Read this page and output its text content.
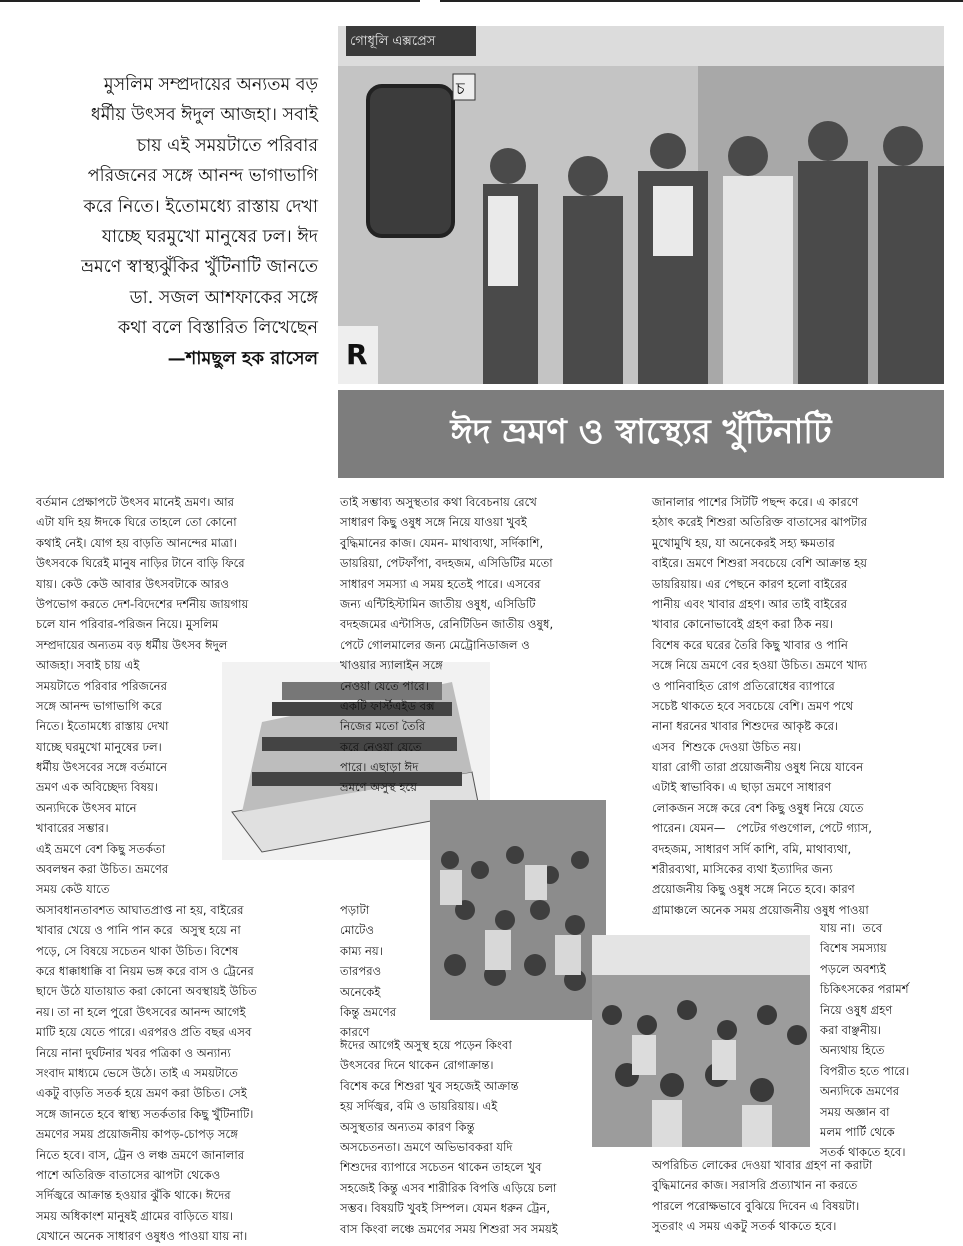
মুসলিম সম্প্রদায়ের অন্যতম বড়
ধর্মীয় উৎসব ঈদুল আজহা। সবাই
চায় এই সময়টাতে পরিবার
পরিজনের সঙ্গে আনন্দ ভাগাভাগি
করে নিতে। ইতোমধ্যে রাস্তায় দেখা
যাচ্ছে ঘরমুখো মানুষের ঢল। ঈদ
ভ্রমণে স্বাস্থ্যঝুঁকির খুঁটিনাটি জানতে
ডা. সজল আশফাকের সঙ্গে
কথা বলে বিস্তারিত লিখেছেন
—শামছুল হক রাসেল
গোধূলি এক্সপ্রেস
চ
R
ঈদ ভ্রমণ ও স্বাস্থ্যের খুঁটিনাটি
বর্তমান প্রেক্ষাপটে উৎসব মানেই ভ্রমণ। আর
এটা যদি হয় ঈদকে ঘিরে তাহলে তো কোনো
কথাই নেই। যোগ হয় বাড়তি আনন্দের মাত্রা।
উৎসবকে ঘিরেই মানুষ নাড়ির টানে বাড়ি ফিরে
যায়। কেউ কেউ আবার উৎসবটাকে আরও
উপভোগ করতে দেশ-বিদেশের দর্শনীয় জায়গায়
চলে যান পরিবার-পরিজন নিয়ে। মুসলিম
সম্প্রদায়ের অন্যতম বড় ধর্মীয় উৎসব ঈদুল
আজহা। সবাই চায় এই
সময়টাতে পরিবার পরিজনের
সঙ্গে আনন্দ ভাগাভাগি করে
নিতে। ইতোমধ্যে রাস্তায় দেখা
যাচ্ছে ঘরমুখো মানুষের ঢল।
ধর্মীয় উৎসবের সঙ্গে বর্তমানে
ভ্রমণ এক অবিচ্ছেদ্য বিষয়।
অন্যদিকে উৎসব মানে
খাবারের সম্ভার।
এই ভ্রমণে বেশ কিছু সতর্কতা
অবলম্বন করা উচিত। ভ্রমণের
সময় কেউ যাতে
অসাবধানতাবশত আঘাতপ্রাপ্ত না হয়, বাইরের
খাবার খেয়ে ও পানি পান করে  অসুস্থ হয়ে না
পড়ে, সে বিষয়ে সচেতন থাকা উচিত। বিশেষ
করে ধাক্কাধাক্কি বা নিয়ম ভঙ্গ করে বাস ও ট্রেনের
ছাদে উঠে যাতায়াত করা কোনো অবস্থায়ই উচিত
নয়। তা না হলে পুরো উৎসবের আনন্দ আগেই
মাটি হয়ে যেতে পারে। এরপরও প্রতি বছর এসব
নিয়ে নানা দুর্ঘটনার খবর পত্রিকা ও অন্যান্য
সংবাদ মাধ্যমে ভেসে উঠে। তাই এ সময়টাতে
একটু বাড়তি সতর্ক হয়ে ভ্রমণ করা উচিত। সেই
সঙ্গে জানতে হবে স্বাস্থ্য সতর্কতার কিছু খুঁটিনাটি।
ভ্রমণের সময় প্রয়োজনীয় কাপড়-চোপড় সঙ্গে
নিতে হবে। বাস, ট্রেন ও লঞ্চ ভ্রমণে জানালার
পাশে অতিরিক্ত বাতাসের ঝাপটা থেকেও
সর্দিজ্বরে আক্রান্ত হওয়ার ঝুঁকি থাকে। ঈদের
সময় অধিকাংশ মানুষই গ্রামের বাড়িতে যায়।
যেখানে অনেক সাধারণ ওষুধও পাওয়া যায় না।
তাই সম্ভাব্য অসুস্থতার কথা বিবেচনায় রেখে
সাধারণ কিছু ওষুধ সঙ্গে নিয়ে যাওয়া খুবই
বুদ্ধিমানের কাজ। যেমন- মাথাব্যথা, সর্দিকাশি,
ডায়রিয়া, পেটফাঁপা, বদহজম, এসিডিটির মতো
সাধারণ সমস্যা এ সময় হতেই পারে। এসবের
জন্য এন্টিহিস্টামিন জাতীয় ওষুধ, এসিডিটি
বদহজমের এন্টাসিড, রেনিটিডিন জাতীয় ওষুধ,
পেটে গোলমালের জন্য মেট্রোনিডাজল ও
খাওয়ার স্যালাইন সঙ্গে
নেওয়া যেতে পারে।
একটি ফার্স্টএইড বক্স
নিজের মতো তৈরি
করে নেওয়া যেতে
পারে। এছাড়া ঈদ
ভ্রমণে অসুস্থ হয়ে
পড়াটা
মোটেও
কাম্য নয়।
তারপরও
অনেকেই
কিন্তু ভ্রমণের
কারণে
ঈদের আগেই অসুস্থ হয়ে পড়েন কিংবা
উৎসবের দিনে থাকেন রোগাক্রান্ত।
বিশেষ করে শিশুরা খুব সহজেই আক্রান্ত
হয় সর্দিজ্বর, বমি ও ডায়রিয়ায়। এই
অসুস্থতার অন্যতম কারণ কিন্তু
অসচেতনতা। ভ্রমণে অভিভাবকরা যদি
শিশুদের ব্যাপারে সচেতন থাকেন তাহলে খুব
সহজেই কিন্তু এসব শারীরিক বিপত্তি এড়িয়ে চলা
সম্ভব। বিষয়টি খুবই সিম্পল। যেমন ধরুন ট্রেন,
বাস কিংবা লঞ্চে ভ্রমণের সময় শিশুরা সব সময়ই
জানালার পাশের সিটটি পছন্দ করে। এ কারণে
হঠাৎ করেই শিশুরা অতিরিক্ত বাতাসের ঝাপটার
মুখোমুখি হয়, যা অনেকেরই সহ্য ক্ষমতার
বাইরে। ভ্রমণে শিশুরা সবচেয়ে বেশি আক্রান্ত হয়
ডায়রিয়ায়। এর পেছনে কারণ হলো বাইরের
পানীয় এবং খাবার গ্রহণ। আর তাই বাইরের
খাবার কোনোভাবেই গ্রহণ করা ঠিক নয়।
বিশেষ করে ঘরের তৈরি কিছু খাবার ও পানি
সঙ্গে নিয়ে ভ্রমণে বের হওয়া উচিত। ভ্রমণে খাদ্য
ও পানিবাহিত রোগ প্রতিরোধের ব্যাপারে
সচেষ্ট থাকতে হবে সবচেয়ে বেশি। ভ্রমণ পথে
নানা ধরনের খাবার শিশুদের আকৃষ্ট করে।
এসব  শিশুকে দেওয়া উচিত নয়।
যারা রোগী তারা প্রয়োজনীয় ওষুধ নিয়ে যাবেন
এটাই স্বাভাবিক। এ ছাড়া ভ্রমণে সাধারণ
লোকজন সঙ্গে করে বেশ কিছু ওষুধ নিয়ে যেতে
পারেন। যেমন—   পেটের গণ্ডগোল, পেটে গ্যাস,
বদহজম, সাধারণ সর্দি কাশি, বমি, মাথাব্যথা,
শরীরব্যথা, মাসিকের ব্যথা ইত্যাদির জন্য
প্রয়োজনীয় কিছু ওষুধ সঙ্গে নিতে হবে। কারণ
গ্রামাঞ্চলে অনেক সময় প্রয়োজনীয় ওষুধ পাওয়া
যায় না।  তবে
বিশেষ সমস্যায়
পড়লে অবশ্যই
চিকিৎসকের পরামর্শ
নিয়ে ওষুধ গ্রহণ
করা বাঞ্ছনীয়।
অন্যথায় হিতে
বিপরীত হতে পারে।
অন্যদিকে ভ্রমণের
সময় অজ্ঞান বা
মলম পার্টি থেকে
সতর্ক থাকতে হবে।
অপরিচিত লোকের দেওয়া খাবার গ্রহণ না করাটা
বুদ্ধিমানের কাজ। সরাসরি প্রত্যাখান না করতে
পারলে পরোক্ষভাবে বুঝিয়ে দিবেন এ বিষয়টা।
সুতরাং এ সময় একটু সতর্ক থাকতে হবে।
